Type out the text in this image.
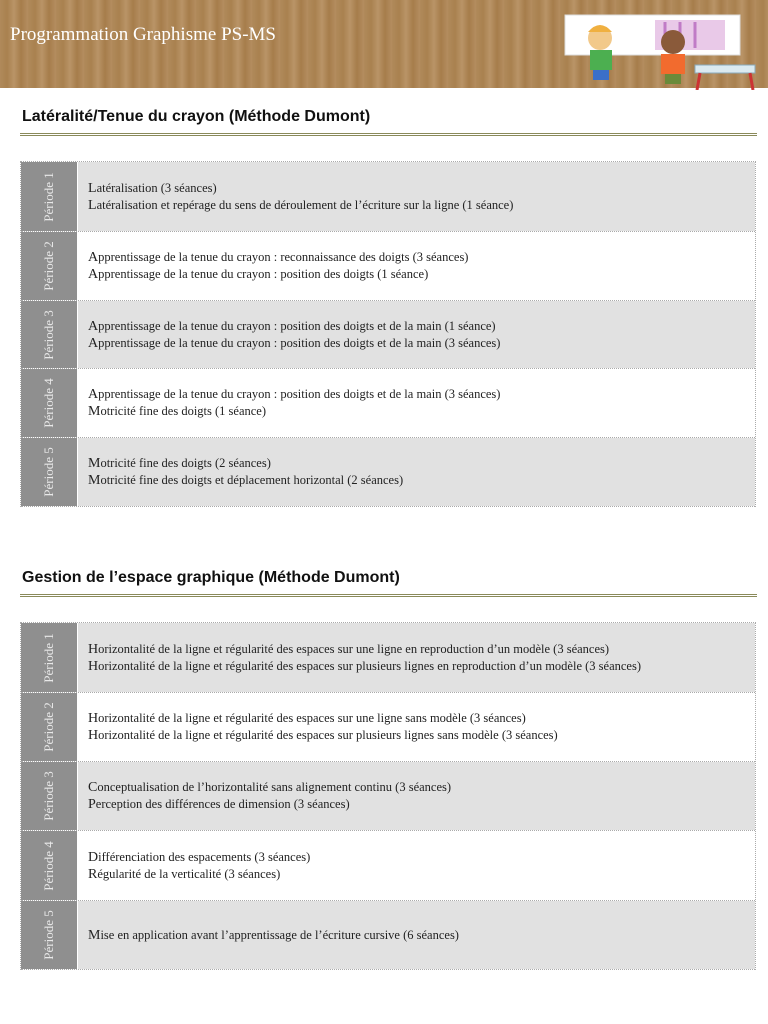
Programmation Graphisme PS-MS
Latéralité/Tenue du crayon (Méthode Dumont)
Période 1	Latéralisation (3 séances)
Latéralisation et repérage du sens de déroulement de l’écriture sur la ligne (1 séance)
Période 2	Apprentissage de la tenue du crayon : reconnaissance des doigts (3 séances)
Apprentissage de la tenue du crayon : position des doigts (1 séance)
Période 3	Apprentissage de la tenue du crayon : position des doigts et de la main (1 séance)
Apprentissage de la tenue du crayon : position des doigts et de la main (3 séances)
Période 4	Apprentissage de la tenue du crayon : position des doigts et de la main (3 séances)
Motricité fine des doigts (1 séance)
Période 5	Motricité fine des doigts (2 séances)
Motricité fine des doigts et déplacement horizontal (2 séances)
Gestion de l’espace graphique (Méthode Dumont)
Période 1	Horizontalité de la ligne et régularité des espaces sur une ligne en reproduction d’un modèle (3 séances)
Horizontalité de la ligne et régularité des espaces sur plusieurs lignes en reproduction d’un modèle (3 séances)
Période 2	Horizontalité de la ligne et régularité des espaces sur une ligne sans modèle (3 séances)
Horizontalité de la ligne et régularité des espaces sur plusieurs lignes sans modèle (3 séances)
Période 3	Conceptualisation de l’horizontalité sans alignement continu (3 séances)
Perception des différences de dimension (3 séances)
Période 4	Différenciation des espacements (3 séances)
Régularité de la verticalité (3 séances)
Période 5	Mise en application avant l’apprentissage de l’écriture cursive (6 séances)
